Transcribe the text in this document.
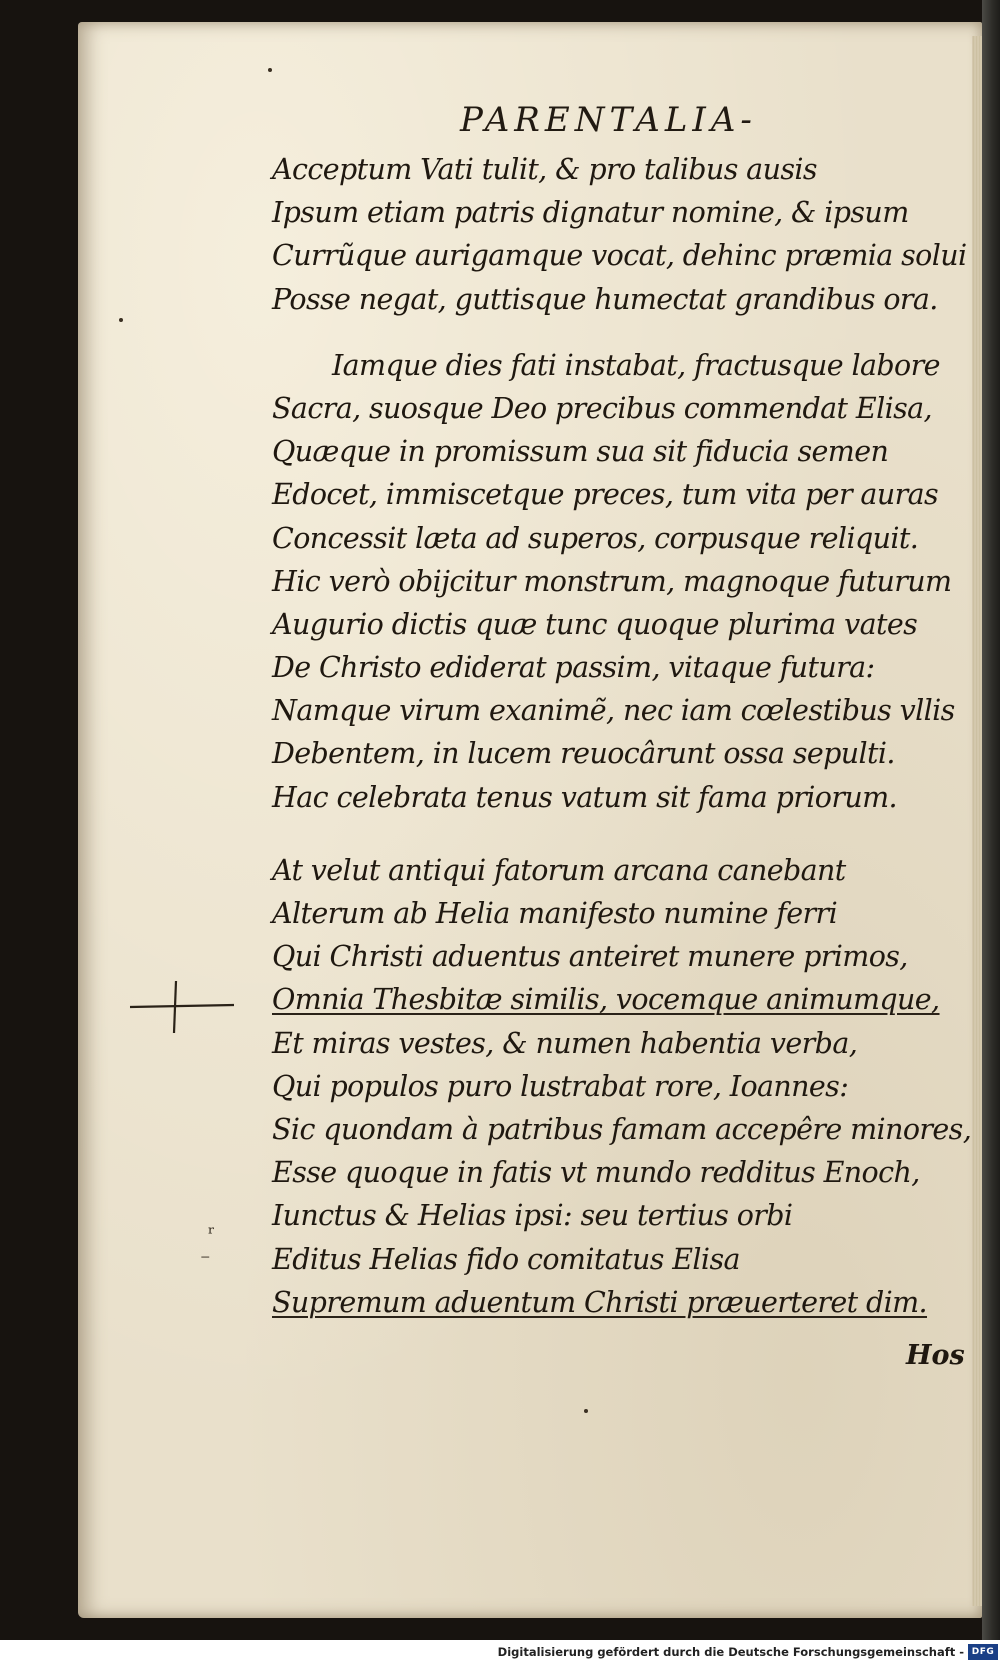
PARENTALIA-
Acceptum Vati tulit, & pro talibus ausis
Ipsum etiam patris dignatur nomine, & ipsum
Currũque aurigamque vocat, dehinc præmia solui
Posse negat, guttisque humectat grandibus ora.
Iamque dies fati instabat, fractusque labore
Sacra, suosque Deo precibus commendat Elisa,
Quæque in promissum sua sit fiducia semen
Edocet, immiscetque preces, tum vita per auras
Concessit læta ad superos, corpusque reliquit.
Hic verò obijcitur monstrum, magnoque futurum
Augurio dictis quæ tunc quoque plurima vates
De Christo ediderat passim, vitaque futura:
Namque virum exanimẽ, nec iam cœlestibus vllis
Debentem, in lucem reuocârunt ossa sepulti.
Hac celebrata tenus vatum sit fama priorum.
At velut antiqui fatorum arcana canebant
Alterum ab Helia manifesto numine ferri
Qui Christi aduentus anteiret munere primos,
Omnia Thesbitæ similis, vocemque animumque,
Et miras vestes, & numen habentia verba,
Qui populos puro lustrabat rore, Ioannes:
Sic quondam à patribus famam accepêre minores,
Esse quoque in fatis vt mundo redditus Enoch,
Iunctus & Helias ipsi: seu tertius orbi
Editus Helias fido comitatus Elisa
Supremum aduentum Christi præuerteret dim.
ʳ
⁻
Hos
Digitalisierung gefördert durch die Deutsche Forschungsgemeinschaft - DFG
